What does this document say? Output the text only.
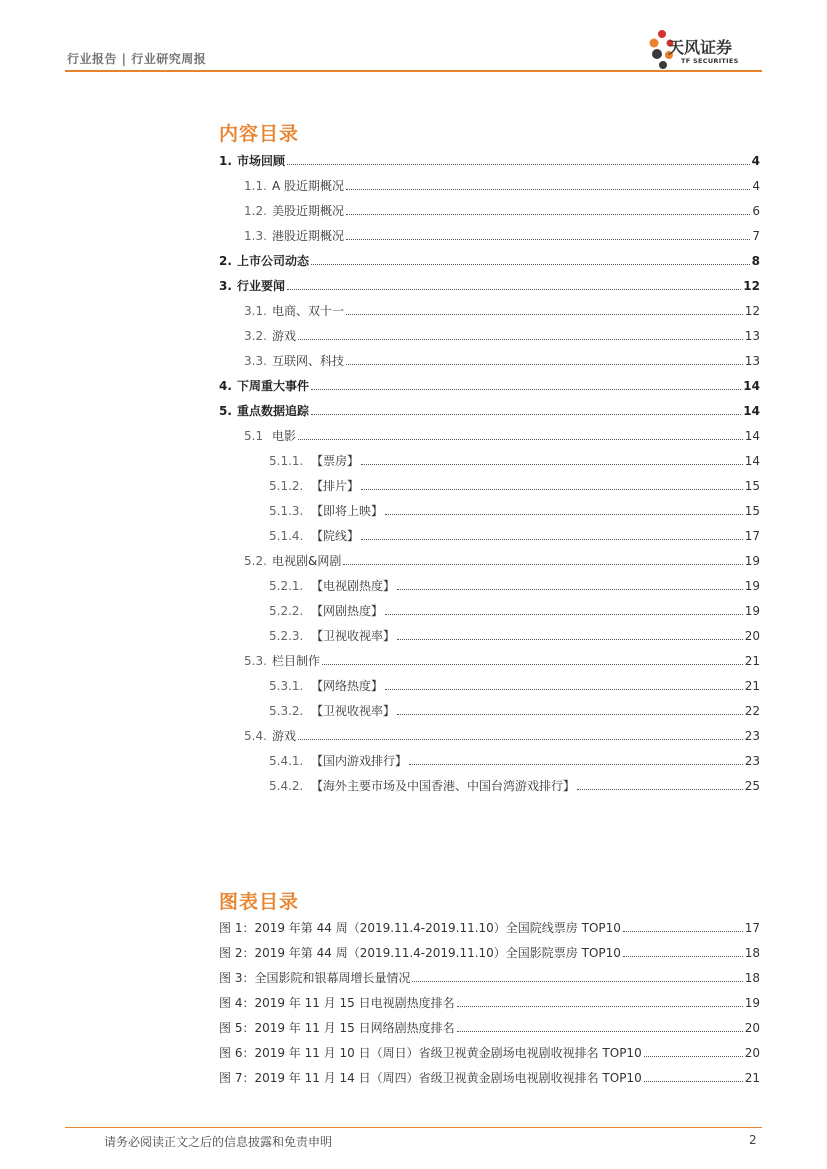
行业报告 | 行业研究周报
天风证券
TF SECURITIES
内容目录
1. 市场回顾	4
1.1. A 股近期概况	4
1.2. 美股近期概况	6
1.3. 港股近期概况	7
2. 上市公司动态	8
3. 行业要闻	12
3.1. 电商、双十一	12
3.2. 游戏	13
3.3. 互联网、科技	13
4. 下周重大事件	14
5. 重点数据追踪	14
5.1 电影	14
5.1.1. 【票房】	14
5.1.2. 【排片】	15
5.1.3. 【即将上映】	15
5.1.4. 【院线】	17
5.2. 电视剧&网剧	19
5.2.1. 【电视剧热度】	19
5.2.2. 【网剧热度】	19
5.2.3. 【卫视收视率】	20
5.3. 栏目制作	21
5.3.1. 【网络热度】	21
5.3.2. 【卫视收视率】	22
5.4. 游戏	23
5.4.1. 【国内游戏排行】	23
5.4.2. 【海外主要市场及中国香港、中国台湾游戏排行】	25
图表目录
图 1：2019 年第 44 周（2019.11.4-2019.11.10）全国院线票房 TOP10	17
图 2：2019 年第 44 周（2019.11.4-2019.11.10）全国影院票房 TOP10	18
图 3：全国影院和银幕周增长量情况	18
图 4：2019 年 11 月 15 日电视剧热度排名	19
图 5：2019 年 11 月 15 日网络剧热度排名	20
图 6：2019 年 11 月 10 日（周日）省级卫视黄金剧场电视剧收视排名 TOP10	20
图 7：2019 年 11 月 14 日（周四）省级卫视黄金剧场电视剧收视排名 TOP10	21
请务必阅读正文之后的信息披露和免责申明	2
